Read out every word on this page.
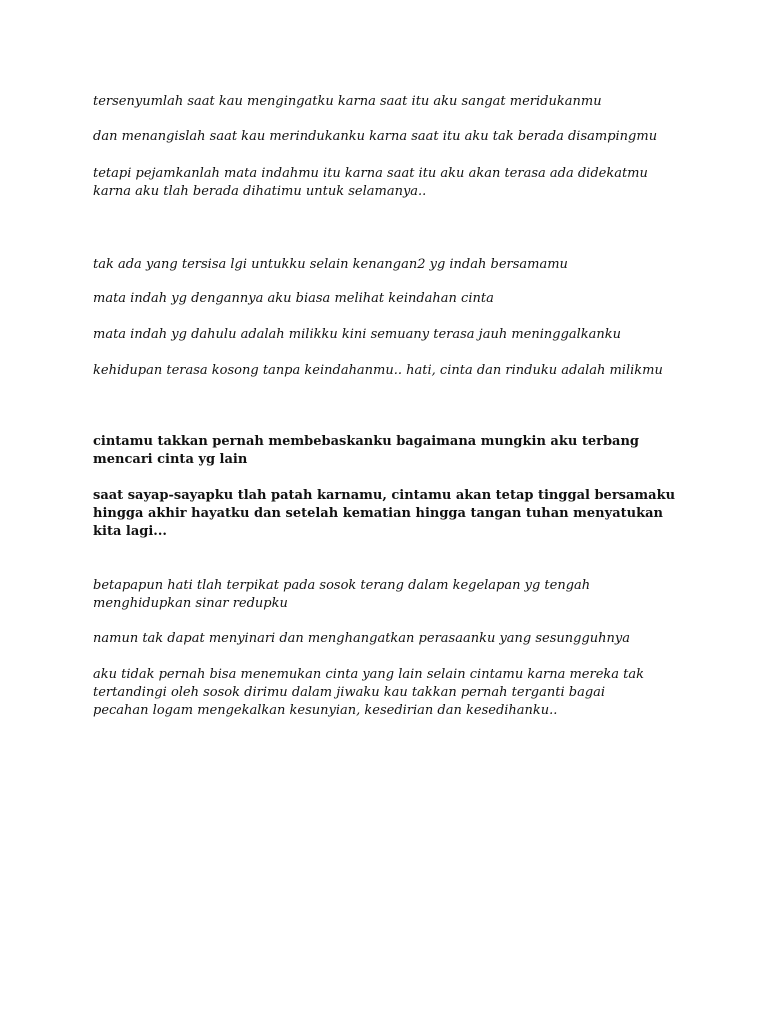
tersenyumlah saat kau mengingatku karna saat itu aku sangat meridukanmu

dan menangislah saat kau merindukanku karna saat itu aku tak berada disampingmu

tetapi pejamkanlah mata indahmu itu karna saat itu aku akan terasa ada didekatmu karna aku tlah berada dihatimu untuk selamanya..

tak ada yang tersisa lgi untukku selain kenangan2 yg indah bersamamu

mata indah yg dengannya aku biasa melihat keindahan cinta

mata indah yg dahulu adalah milikku kini semuany terasa jauh meninggalkanku

kehidupan terasa kosong tanpa keindahanmu.. hati, cinta dan rinduku adalah milikmu

cintamu takkan pernah membebaskanku bagaimana mungkin aku terbang mencari cinta yg lain

saat sayap-sayapku tlah patah karnamu, cintamu akan tetap tinggal bersamaku hingga akhir hayatku dan setelah kematian hingga tangan tuhan menyatukan kita lagi...

betapapun hati tlah terpikat pada sosok terang dalam kegelapan yg tengah menghidupkan sinar redupku

namun tak dapat menyinari dan menghangatkan perasaanku yang sesungguhnya

aku tidak pernah bisa menemukan cinta yang lain selain cintamu karna mereka tak tertandingi oleh sosok dirimu dalam jiwaku kau takkan pernah terganti bagai pecahan logam mengekalkan kesunyian, kesedirian dan kesedihanku..
